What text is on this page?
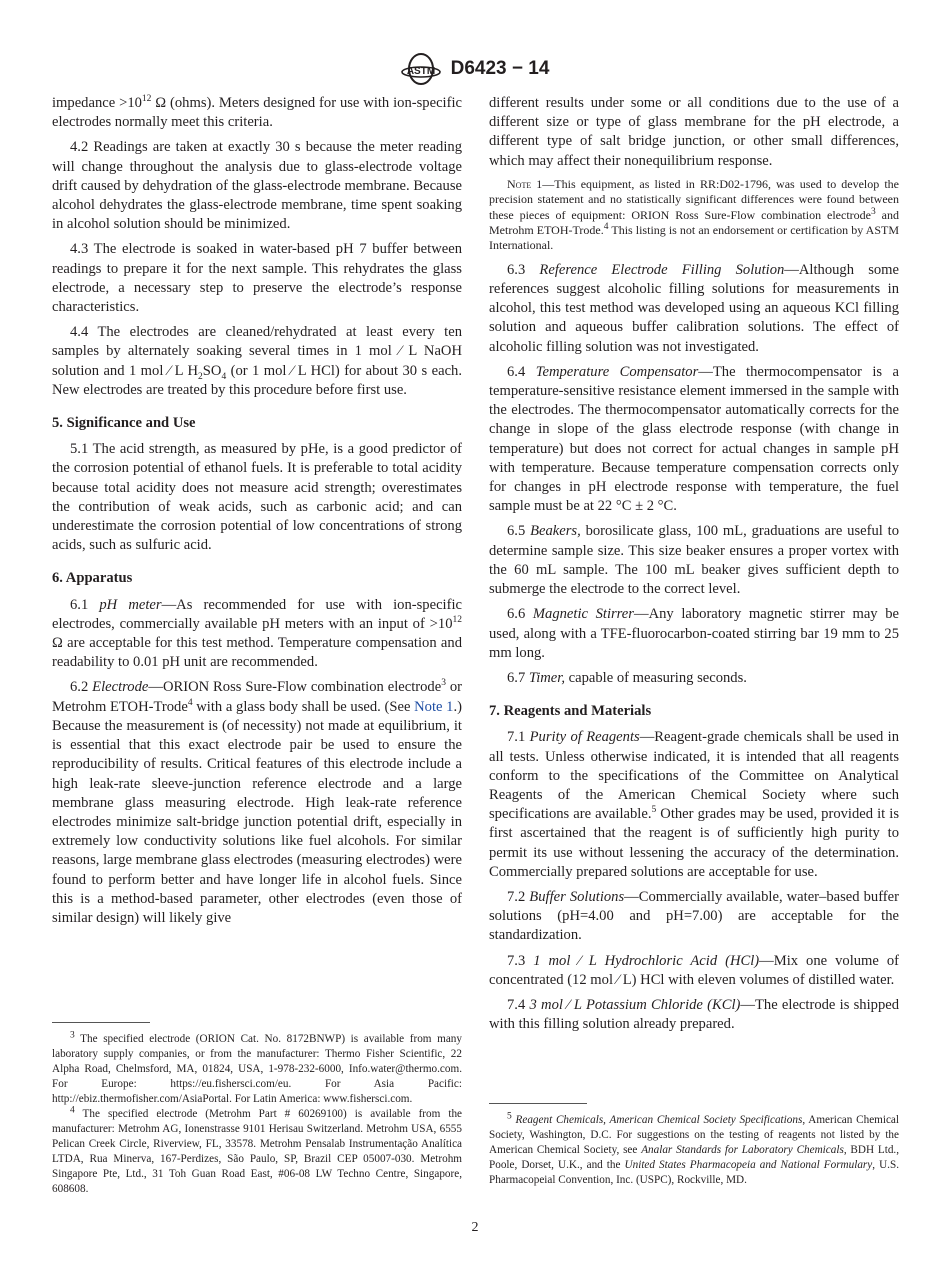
ASTM D6423 − 14

impedance $>10^{12}$ Ω (ohms). Meters designed for use with ion-specific electrodes normally meet this criteria.

4.2 Readings are taken at exactly 30 s because the meter reading will change throughout the analysis due to glass-electrode voltage drift caused by dehydration of the glass-electrode membrane. Because alcohol dehydrates the glass-electrode membrane, time spent soaking in alcohol solution should be minimized.

4.3 The electrode is soaked in water-based pH 7 buffer between readings to prepare it for the next sample. This rehydrates the glass electrode, a necessary step to preserve the electrode’s response characteristics.

4.4 The electrodes are cleaned/rehydrated at least every ten samples by alternately soaking several times in 1 mol ⁄ L NaOH solution and 1 mol ⁄ L $H_2SO_4$ (or 1 mol ⁄ L HCl) for about 30 s each. New electrodes are treated by this procedure before first use.

5. Significance and Use

5.1 The acid strength, as measured by pHe, is a good predictor of the corrosion potential of ethanol fuels. It is preferable to total acidity because total acidity does not measure acid strength; overestimates the contribution of weak acids, such as carbonic acid; and can underestimate the corrosion potential of low concentrations of strong acids, such as sulfuric acid.

6. Apparatus

6.1 pH meter—As recommended for use with ion-specific electrodes, commercially available pH meters with an input of $>10^{12}$ Ω are acceptable for this test method. Temperature compensation and readability to 0.01 pH unit are recommended.

6.2 Electrode—ORION Ross Sure-Flow combination electrode$^3$ or Metrohm ETOH-Trode$^4$ with a glass body shall be used. (See Note 1.) Because the measurement is (of necessity) not made at equilibrium, it is essential that this exact electrode pair be used to ensure the reproducibility of results. Critical features of this electrode include a high leak-rate sleeve-junction reference electrode and a large membrane glass measuring electrode. High leak-rate reference electrodes minimize salt-bridge junction potential drift, especially in extremely low conductivity solutions like fuel alcohols. For similar reasons, large membrane glass electrodes (measuring electrodes) were found to perform better and have longer life in alcohol fuels. Since this is a method-based parameter, other electrodes (even those of similar design) will likely give

different results under some or all conditions due to the use of a different size or type of glass membrane for the pH electrode, a different type of salt bridge junction, or other small differences, which may affect their nonequilibrium response.

Note 1—This equipment, as listed in RR:D02-1796, was used to develop the precision statement and no statistically significant differences were found between these pieces of equipment: ORION Ross Sure-Flow combination electrode$^3$ and Metrohm ETOH-Trode.$^4$ This listing is not an endorsement or certification by ASTM International.

6.3 Reference Electrode Filling Solution—Although some references suggest alcoholic filling solutions for measurements in alcohol, this test method was developed using an aqueous KCl filling solution and aqueous buffer calibration solutions. The effect of alcoholic filling solution was not investigated.

6.4 Temperature Compensator—The thermocompensator is a temperature-sensitive resistance element immersed in the sample with the electrodes. The thermocompensator automatically corrects for the change in slope of the glass electrode response (with change in temperature) but does not correct for actual changes in sample pH with temperature. Because temperature compensation corrects only for changes in pH electrode response with temperature, the fuel sample must be at 22 °C ± 2 °C.

6.5 Beakers, borosilicate glass, 100 mL, graduations are useful to determine sample size. This size beaker ensures a proper vortex with the 60 mL sample. The 100 mL beaker gives sufficient depth to submerge the electrode to the correct level.

6.6 Magnetic Stirrer—Any laboratory magnetic stirrer may be used, along with a TFE-fluorocarbon-coated stirring bar 19 mm to 25 mm long.

6.7 Timer, capable of measuring seconds.

7. Reagents and Materials

7.1 Purity of Reagents—Reagent-grade chemicals shall be used in all tests. Unless otherwise indicated, it is intended that all reagents conform to the specifications of the Committee on Analytical Reagents of the American Chemical Society where such specifications are available.$^5$ Other grades may be used, provided it is first ascertained that the reagent is of sufficiently high purity to permit its use without lessening the accuracy of the determination. Commercially prepared solutions are acceptable for use.

7.2 Buffer Solutions—Commercially available, water–based buffer solutions (pH=4.00 and pH=7.00) are acceptable for the standardization.

7.3 1 mol ⁄ L Hydrochloric Acid (HCl)—Mix one volume of concentrated (12 mol ⁄ L) HCl with eleven volumes of distilled water.

7.4 3 mol ⁄ L Potassium Chloride (KCl)—The electrode is shipped with this filling solution already prepared.

$^3$ The specified electrode (ORION Cat. No. 8172BNWP) is available from many laboratory supply companies, or from the manufacturer: Thermo Fisher Scientific, 22 Alpha Road, Chelmsford, MA, 01824, USA, 1-978-232-6000, Info.water@thermo.com. For Europe: https://eu.fishersci.com/eu. For Asia Pacific: http://ebiz.thermofisher.com/AsiaPortal. For Latin America: www.fishersci.com.

$^4$ The specified electrode (Metrohm Part # 60269100) is available from the manufacturer: Metrohm AG, Ionenstrasse 9101 Herisau Switzerland. Metrohm USA, 6555 Pelican Creek Circle, Riverview, FL, 33578. Metrohm Pensalab Instrumentação Analítica LTDA, Rua Minerva, 167-Perdizes, São Paulo, SP, Brazil CEP 05007-030. Metrohm Singapore Pte, Ltd., 31 Toh Guan Road East, #06-08 LW Techno Centre, Singapore, 608608.

$^5$ Reagent Chemicals, American Chemical Society Specifications, American Chemical Society, Washington, D.C. For suggestions on the testing of reagents not listed by the American Chemical Society, see Analar Standards for Laboratory Chemicals, BDH Ltd., Poole, Dorset, U.K., and the United States Pharmacopeia and National Formulary, U.S. Pharmacopeial Convention, Inc. (USPC), Rockville, MD.

2
